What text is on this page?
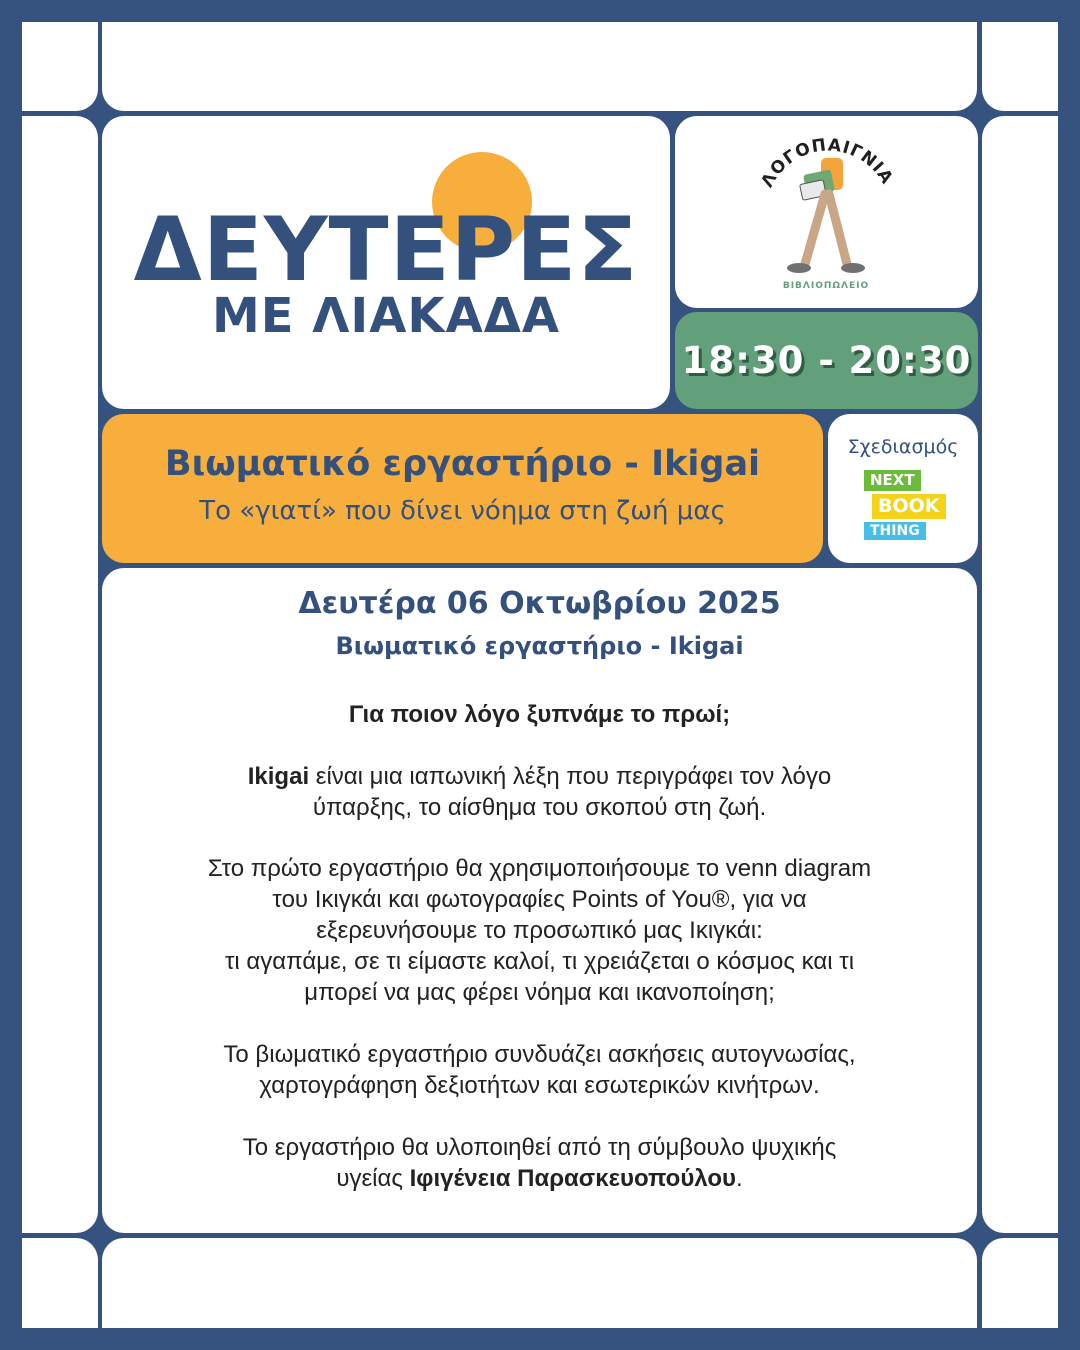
ΔΕΥΤΕΡΕΣ
ΜΕ ΛΙΑΚΑΔΑ
ΛΟΓΟΠΑΙΓΝΙΑ
ΒΙΒΛΙΟΠΩΛΕΙΟ
18:30 - 20:30
Βιωματικό εργαστήριο - Ikigai
Το «γιατί» που δίνει νόημα στη ζωή μας
Σχεδιασμός
NEXT
BOOK
THING
Δευτέρα 06 Οκτωβρίου 2025
Βιωματικό εργαστήριο - Ikigai
Για ποιον λόγο ξυπνάμε το πρωί;
Ikigai είναι μια ιαπωνική λέξη που περιγράφει τον λόγο
ύπαρξης, το αίσθημα του σκοπού στη ζωή.
Στο πρώτο εργαστήριο θα χρησιμοποιήσουμε το venn diagram
του Ικιγκάι και φωτογραφίες Points of You®, για να
εξερευνήσουμε το προσωπικό μας Ικιγκάι:
τι αγαπάμε, σε τι είμαστε καλοί, τι χρειάζεται ο κόσμος και τι
μπορεί να μας φέρει νόημα και ικανοποίηση;
Το βιωματικό εργαστήριο συνδυάζει ασκήσεις αυτογνωσίας,
χαρτογράφηση δεξιοτήτων και εσωτερικών κινήτρων.
Το εργαστήριο θα υλοποιηθεί από τη σύμβουλο ψυχικής
υγείας Ιφιγένεια Παρασκευοπούλου.
